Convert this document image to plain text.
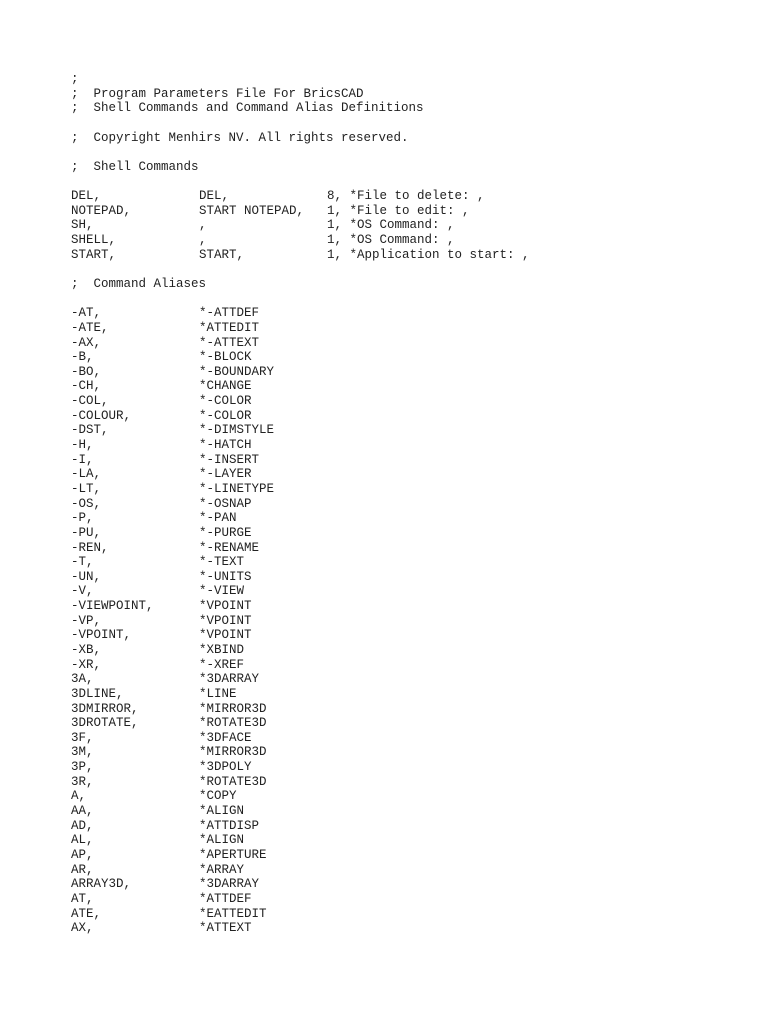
;
;  Program Parameters File For BricsCAD
;  Shell Commands and Command Alias Definitions
;  Copyright Menhirs NV. All rights reserved.
;  Shell Commands
DEL,	DEL,	8, *File to delete: ,
NOTEPAD,	START NOTEPAD, 1, *File to edit: ,
SH,	,	1, *OS Command: ,
SHELL,	,	1, *OS Command: ,
START,	START,	1, *Application to start: ,
;  Command Aliases
-AT,	*-ATTDEF
-ATE,	*ATTEDIT
-AX,	*-ATTEXT
-B,	*-BLOCK
-BO,	*-BOUNDARY
-CH,	*CHANGE
-COL,	*-COLOR
-COLOUR,	*-COLOR
-DST,	*-DIMSTYLE
-H,	*-HATCH
-I,	*-INSERT
-LA,	*-LAYER
-LT,	*-LINETYPE
-OS,	*-OSNAP
-P,	*-PAN
-PU,	*-PURGE
-REN,	*-RENAME
-T,	*-TEXT
-UN,	*-UNITS
-V,	*-VIEW
-VIEWPOINT,	*VPOINT
-VP,	*VPOINT
-VPOINT,	*VPOINT
-XB,	*XBIND
-XR,	*-XREF
3A,	*3DARRAY
3DLINE,	*LINE
3DMIRROR,	*MIRROR3D
3DROTATE,	*ROTATE3D
3F,	*3DFACE
3M,	*MIRROR3D
3P,	*3DPOLY
3R,	*ROTATE3D
A,	*COPY
AA,	*ALIGN
AD,	*ATTDISP
AL,	*ALIGN
AP,	*APERTURE
AR,	*ARRAY
ARRAY3D,	*3DARRAY
AT,	*ATTDEF
ATE,	*EATTEDIT
AX,	*ATTEXT
